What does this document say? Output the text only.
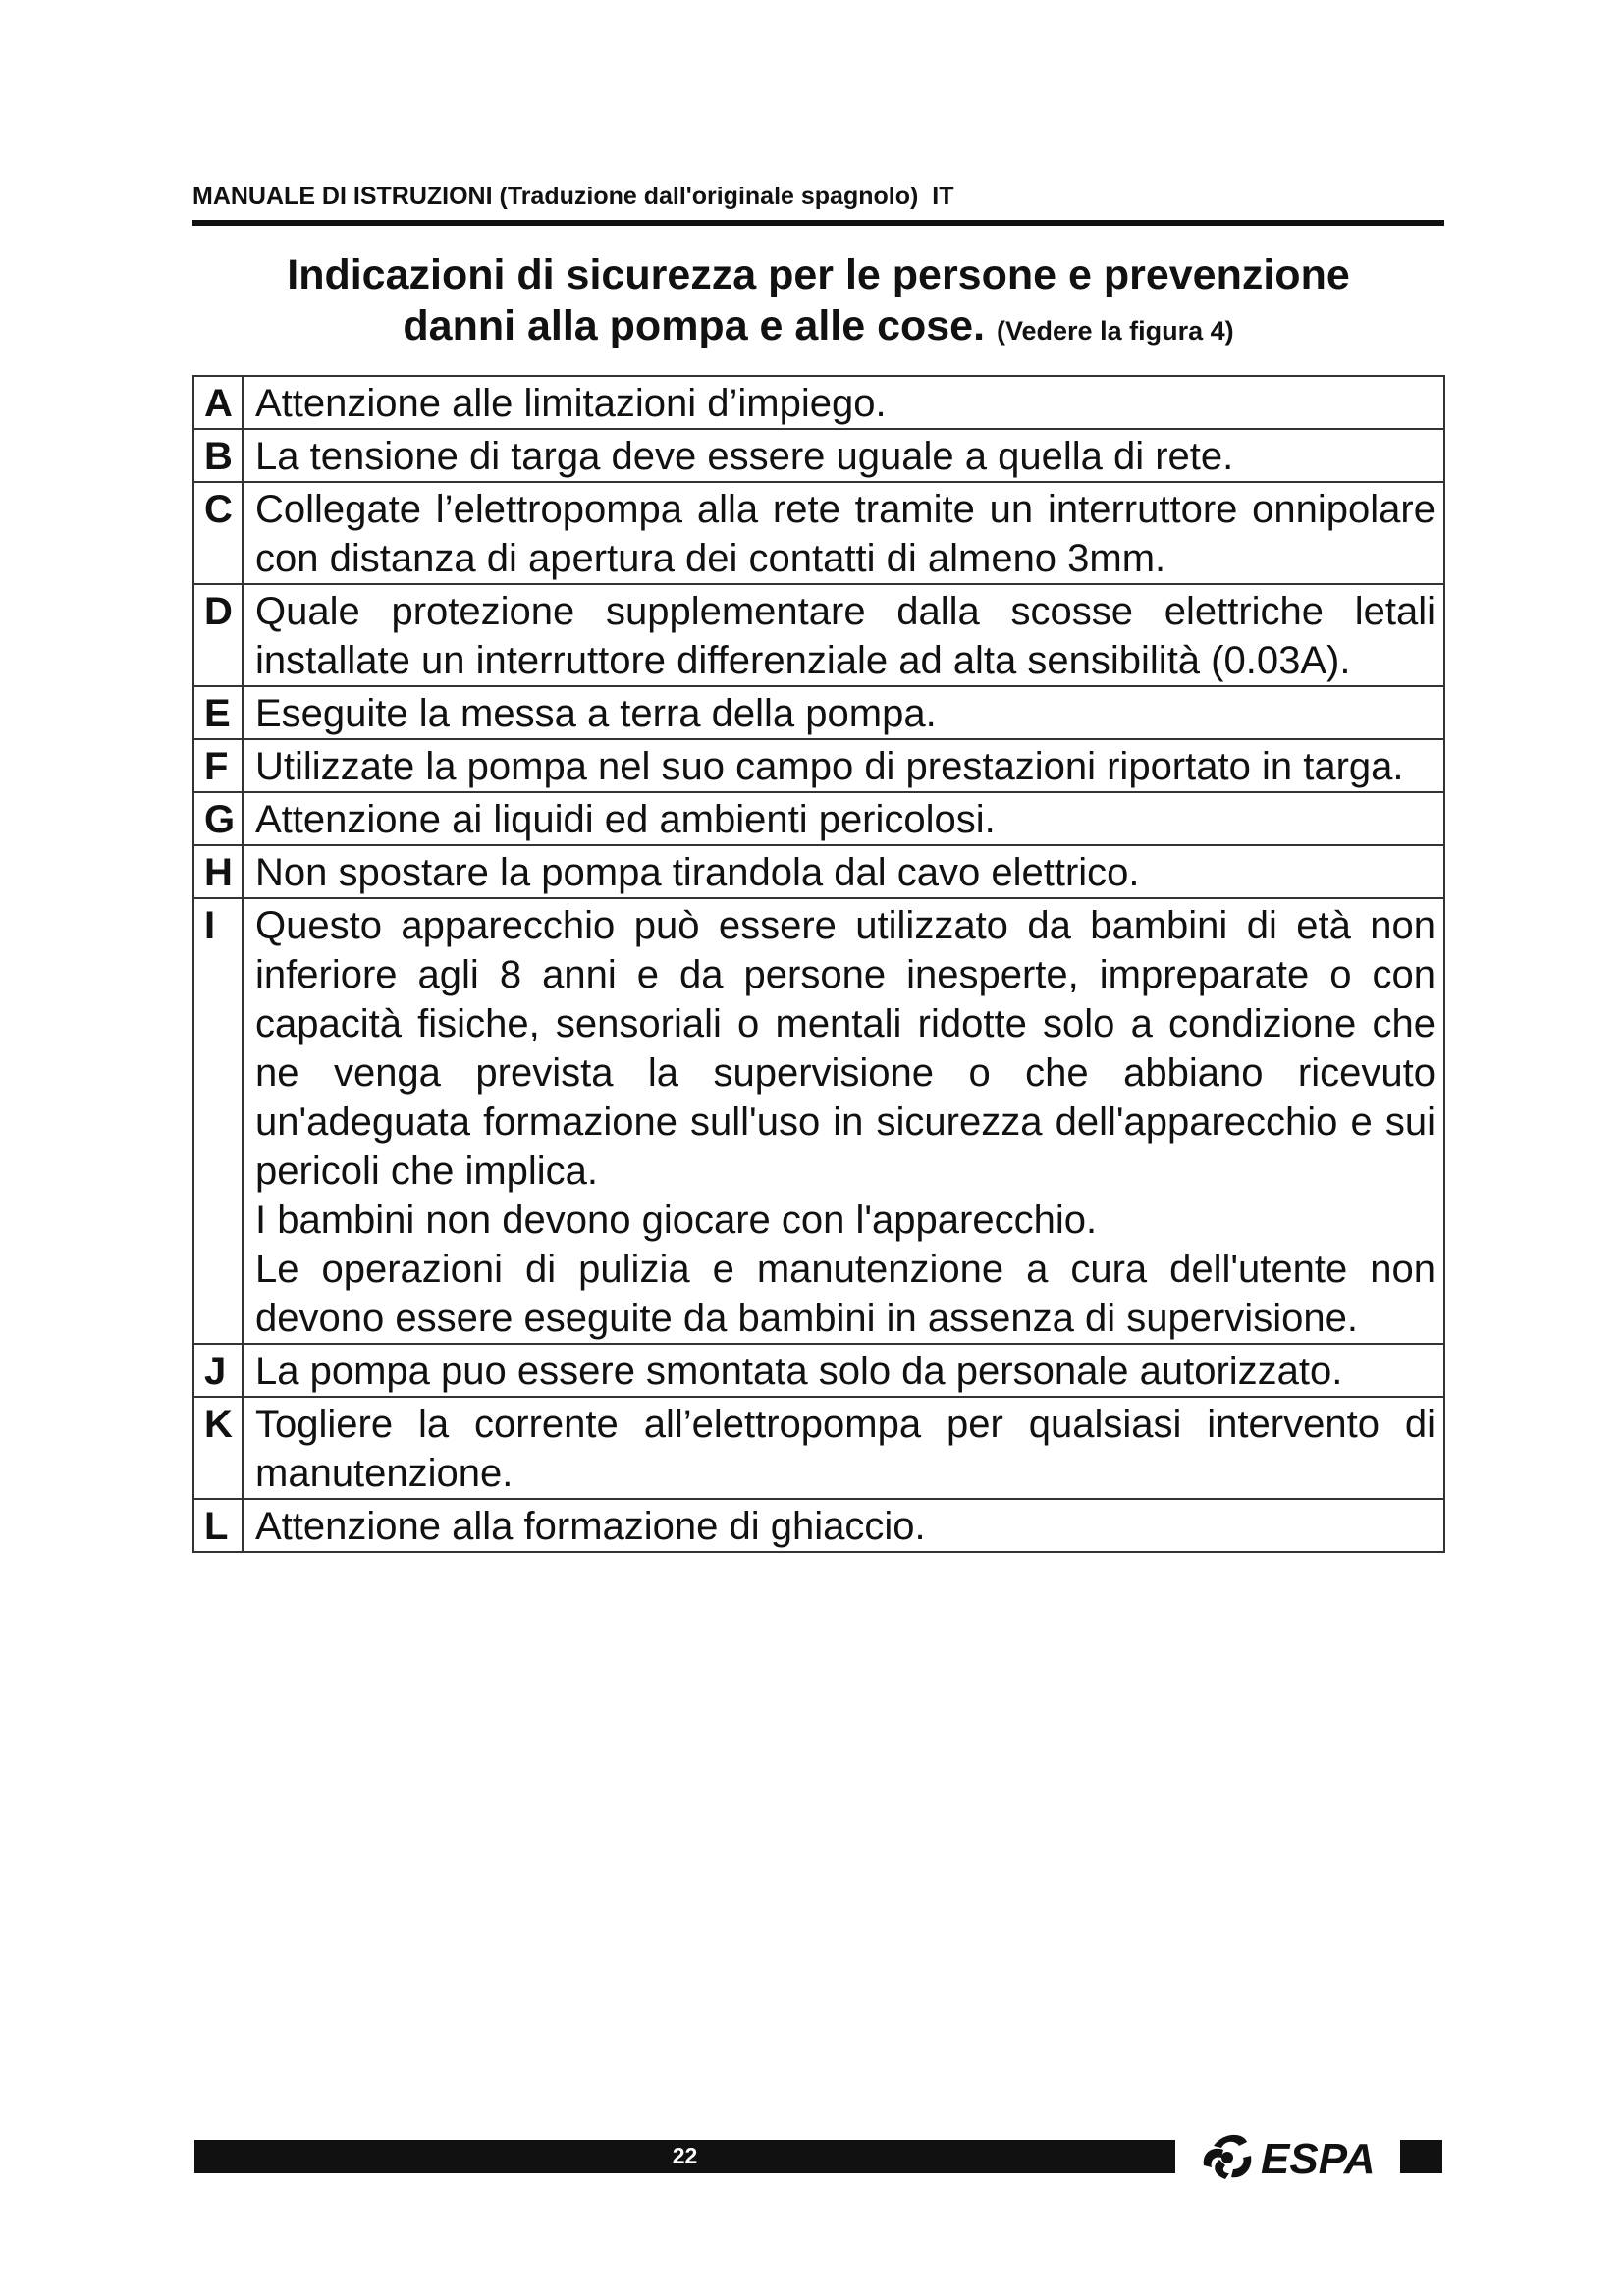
MANUALE DI ISTRUZIONI (Traduzione dall'originale spagnolo) IT
Indicazioni di sicurezza per le persone e prevenzione
danni alla pompa e alle cose. (Vedere la figura 4)
A	Attenzione alle limitazioni d’impiego.
B	La tensione di targa deve essere uguale a quella di rete.
C	Collegate l’elettropompa alla rete tramite un interruttore onnipolare con distanza di apertura dei contatti di almeno 3mm.
D	Quale protezione supplementare dalla scosse elettriche letali installate un interruttore differenziale ad alta sensibilità (0.03A).
E	Eseguite la messa a terra della pompa.
F	Utilizzate la pompa nel suo campo di prestazioni riportato in targa.
G	Attenzione ai liquidi ed ambienti pericolosi.
H	Non spostare la pompa tirandola dal cavo elettrico.
I	Questo apparecchio può essere utilizzato da bambini di età non inferiore agli 8 anni e da persone inesperte, impreparate o con capacità fisiche, sensoriali o mentali ridotte solo a condizione che ne venga prevista la supervisione o che abbiano ricevuto un'adeguata formazione sull'uso in sicurezza dell'apparecchio e sui pericoli che implica.
I bambini non devono giocare con l'apparecchio.
Le operazioni di pulizia e manutenzione a cura dell'utente non devono essere eseguite da bambini in assenza di supervisione.

J	La pompa puo essere smontata solo da personale autorizzato.
K	Togliere la corrente all’elettropompa per qualsiasi intervento di manutenzione.
L	Attenzione alla formazione di ghiaccio.
22	ESPA
